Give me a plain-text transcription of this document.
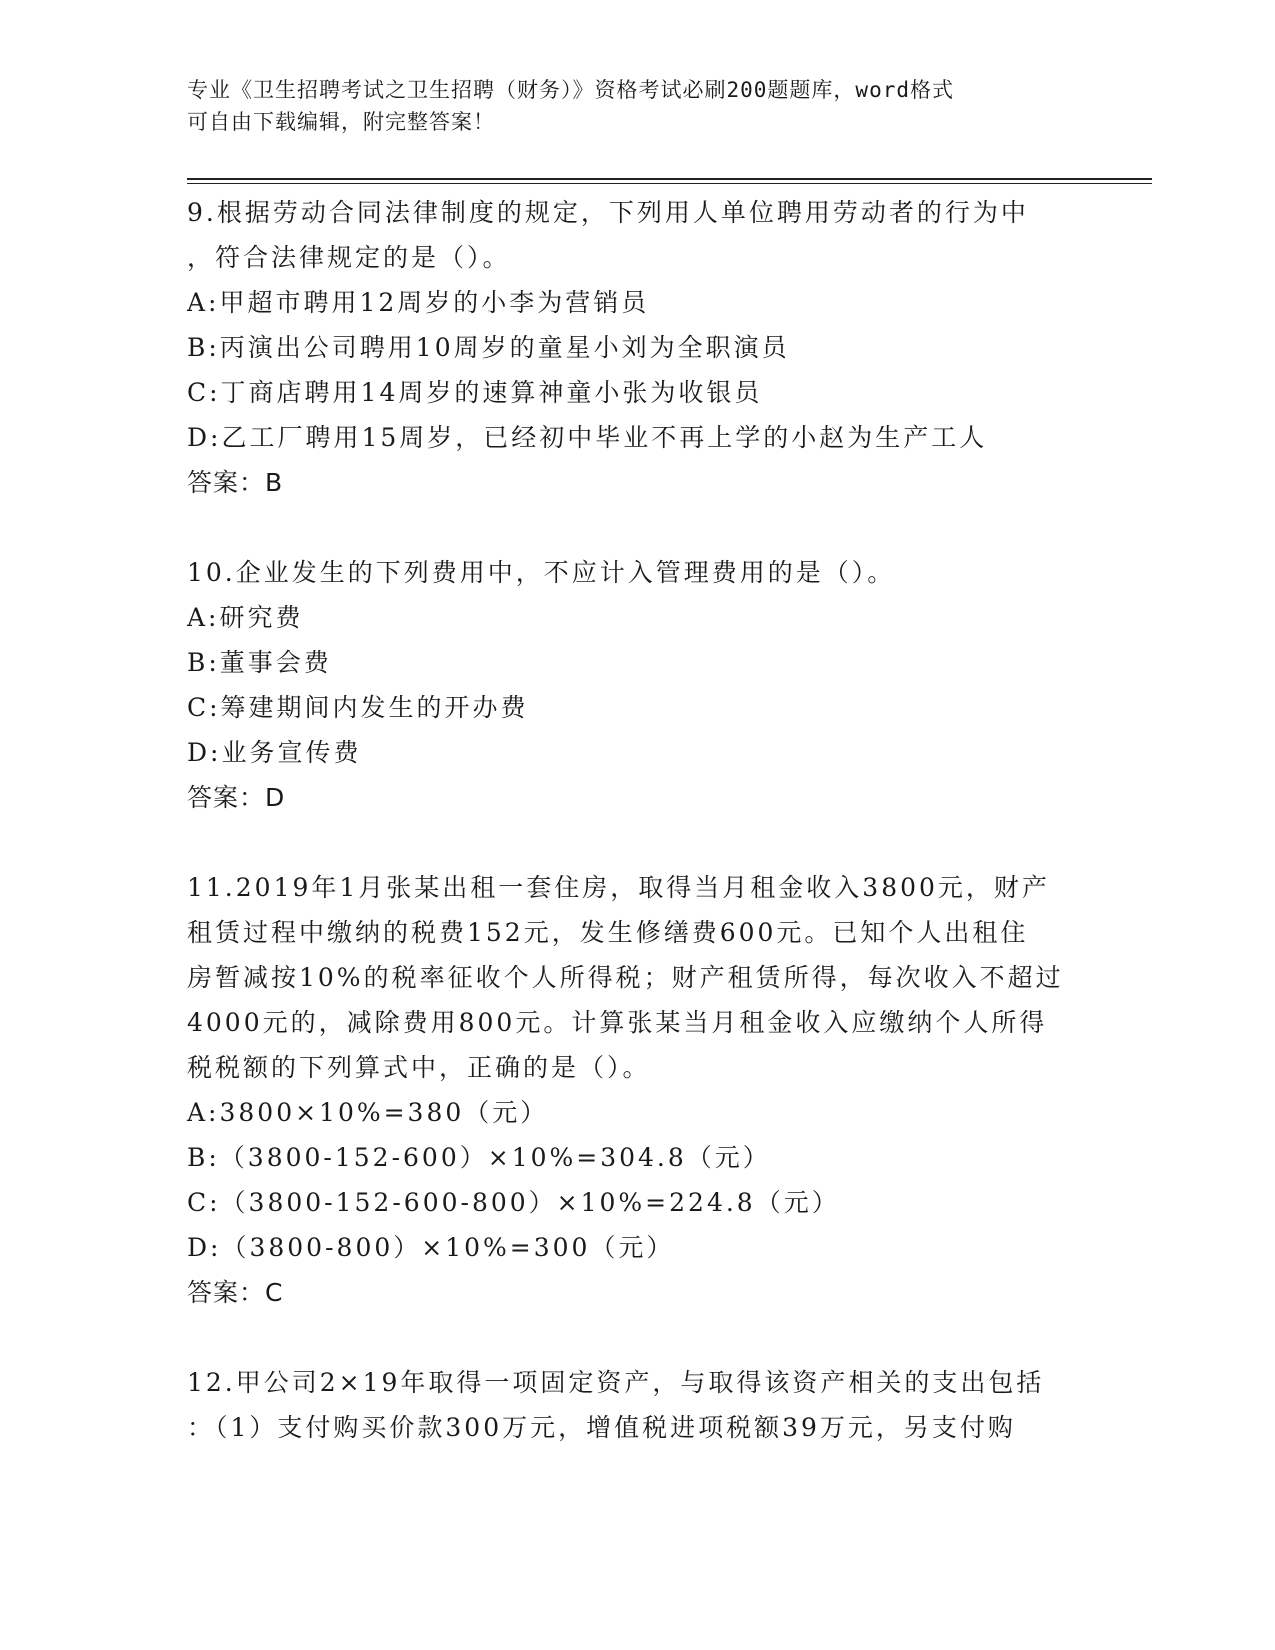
专业《卫生招聘考试之卫生招聘（财务）》资格考试必刷200题题库，word格式
可自由下载编辑，附完整答案！
9.根据劳动合同法律制度的规定，下列用人单位聘用劳动者的行为中
，符合法律规定的是（）。
A:甲超市聘用12周岁的小李为营销员
B:丙演出公司聘用10周岁的童星小刘为全职演员
C:丁商店聘用14周岁的速算神童小张为收银员
D:乙工厂聘用15周岁，已经初中毕业不再上学的小赵为生产工人
答案：B
10.企业发生的下列费用中，不应计入管理费用的是（）。
A:研究费
B:董事会费
C:筹建期间内发生的开办费
D:业务宣传费
答案：D
11.2019年1月张某出租一套住房，取得当月租金收入3800元，财产
租赁过程中缴纳的税费152元，发生修缮费600元。已知个人出租住
房暂减按10%的税率征收个人所得税；财产租赁所得，每次收入不超过
4000元的，减除费用800元。计算张某当月租金收入应缴纳个人所得
税税额的下列算式中，正确的是（）。
A:3800×10%=380（元）
B:（3800-152-600）×10%=304.8（元）
C:（3800-152-600-800）×10%=224.8（元）
D:（3800-800）×10%=300（元）
答案：C
12.甲公司2×19年取得一项固定资产，与取得该资产相关的支出包括
：（1）支付购买价款300万元，增值税进项税额39万元，另支付购
